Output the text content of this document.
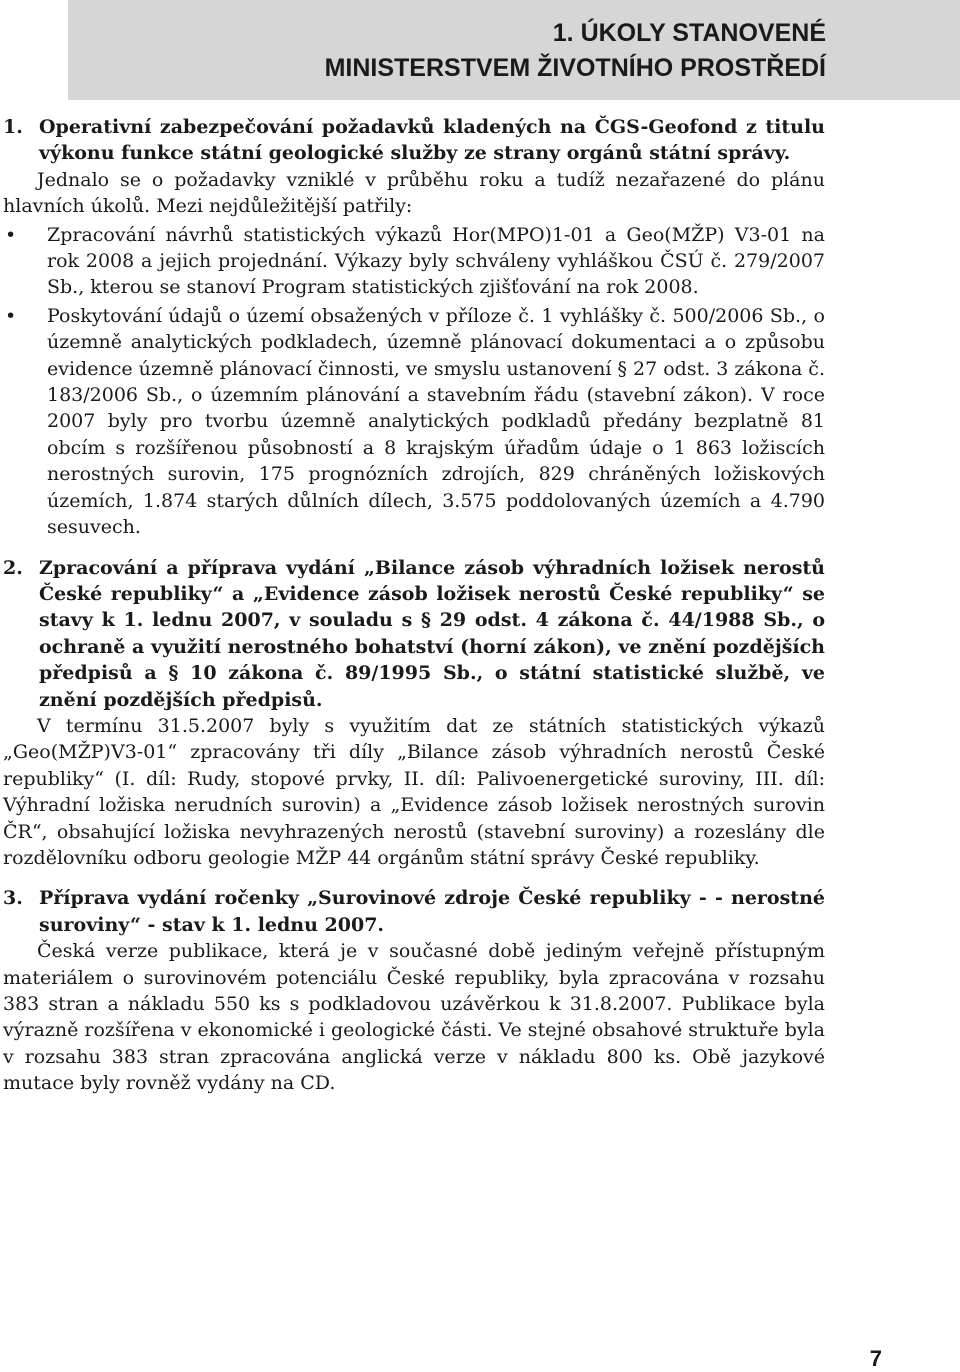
1. ÚKOLY STANOVENÉ
MINISTERSTVEM ŽIVOTNÍHO PROSTŘEDÍ
1. Operativní zabezpečování požadavků kladených na ČGS-Geofond z titulu výkonu funkce státní geologické služby ze strany orgánů státní správy.

Jednalo se o požadavky vzniklé v průběhu roku a tudíž nezařazené do plánu hlavních úkolů. Mezi nejdůležitější patřily:

• Zpracování návrhů statistických výkazů Hor(MPO)1-01 a Geo(MŽP) V3-01 na rok 2008 a jejich projednání. Výkazy byly schváleny vyhláškou ČSÚ č. 279/2007 Sb., kterou se stanoví Program statistických zjišťování na rok 2008.
• Poskytování údajů o území obsažených v příloze č. 1 vyhlášky č. 500/2006 Sb., o územně analytických podkladech, územně plánovací dokumentaci a o způsobu evidence územně plánovací činnosti, ve smyslu ustanovení § 27 odst. 3 zákona č. 183/2006 Sb., o územním plánování a stavebním řádu (stavební zákon). V roce 2007 byly pro tvorbu územně analytických podkladů předány bezplatně 81 obcím s rozšířenou působností a 8 krajským úřadům údaje o 1 863 ložiscích nerostných surovin, 175 prognózních zdrojích, 829 chráněných ložiskových územích, 1.874 starých důlních dílech, 3.575 poddolovaných územích a 4.790 sesuvech.
2. Zpracování a příprava vydání „Bilance zásob výhradních ložisek nerostů České republiky“ a „Evidence zásob ložisek nerostů České republiky“ se stavy k 1. lednu 2007, v souladu s § 29 odst. 4 zákona č. 44/1988 Sb., o ochraně a využití nerostného bohatství (horní zákon), ve znění pozdějších předpisů a § 10 zákona č. 89/1995 Sb., o státní statistické službě, ve znění pozdějších předpisů.

V termínu 31.5.2007 byly s využitím dat ze státních statistických výkazů „Geo(MŽP)V3-01“ zpracovány tři díly „Bilance zásob výhradních nerostů České republiky“ (I. díl: Rudy, stopové prvky, II. díl: Palivoenergetické suroviny, III. díl: Výhradní ložiska nerudních surovin) a „Evidence zásob ložisek nerostných surovin ČR“, obsahující ložiska nevyhrazených nerostů (stavební suroviny) a rozeslány dle rozdělovníku odboru geologie MŽP 44 orgánům státní správy České republiky.

3. Příprava vydání ročenky „Surovinové zdroje České republiky - - nerostné suroviny“ - stav k 1. lednu 2007.

Česká verze publikace, která je v současné době jediným veřejně přístupným materiálem o surovinovém potenciálu České republiky, byla zpracována v rozsahu 383 stran a nákladu 550 ks s podkladovou uzávěrkou k 31.8.2007. Publikace byla výrazně rozšířena v ekonomické i geologické části. Ve stejné obsahové struktuře byla v rozsahu 383 stran zpracována anglická verze v nákladu 800 ks. Obě jazykové mutace byly rovněž vydány na CD.

7
